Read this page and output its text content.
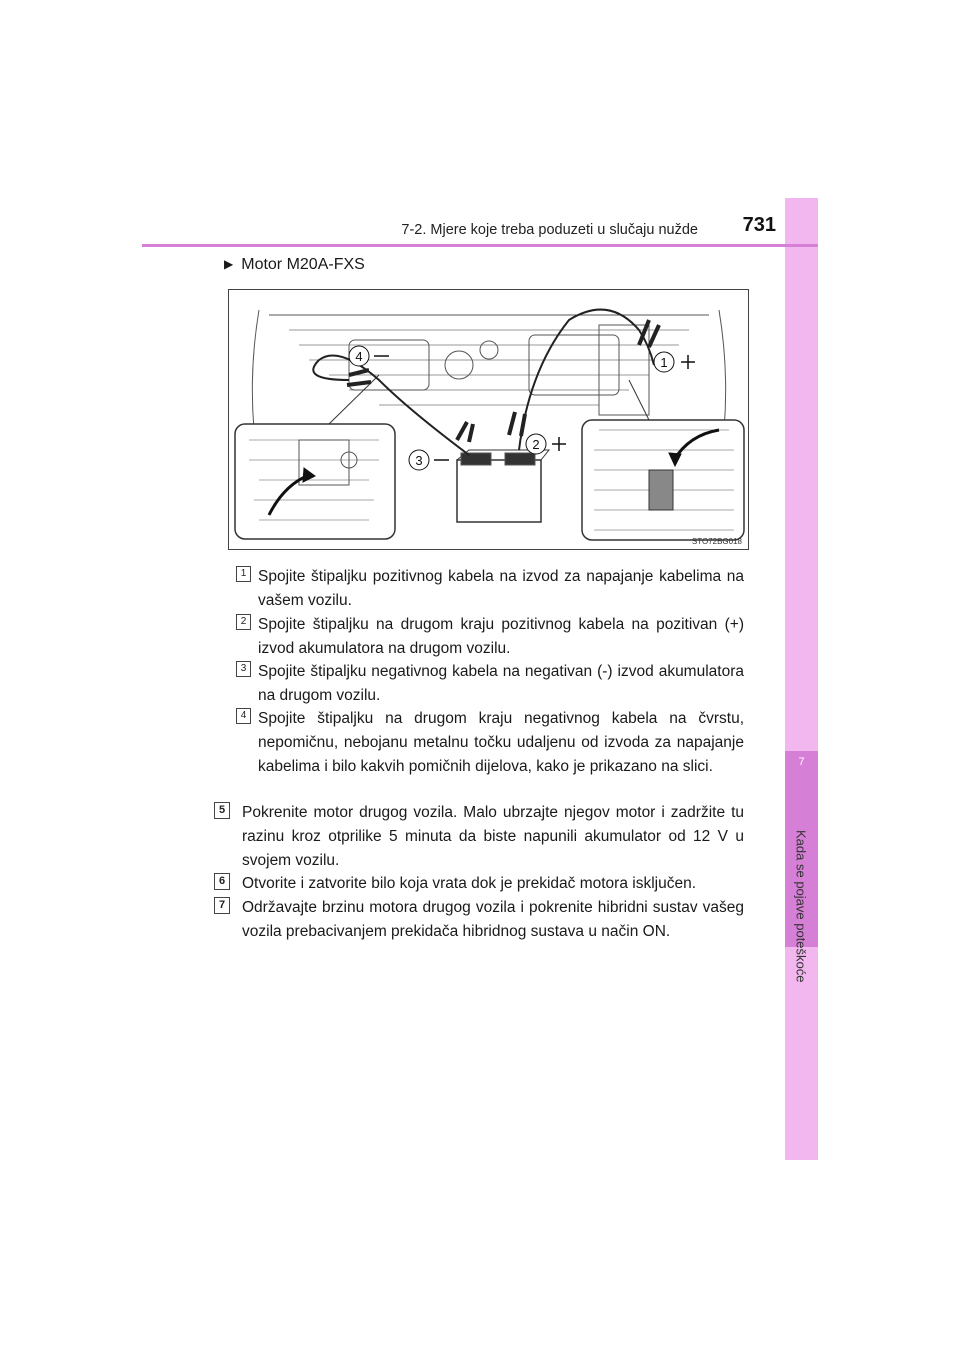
7
Kada se pojave poteškoće
7-2. Mjere koje treba poduzeti u slučaju nužde	731
▶ Motor M20A-FXS
4	1
2
3
STO72BG018
1 Spojite štipaljku pozitivnog kabela na izvod za napajanje kabelima na vašem vozilu.
2 Spojite štipaljku na drugom kraju pozitivnog kabela na pozitivan (+) izvod akumulatora na drugom vozilu.
3 Spojite štipaljku negativnog kabela na negativan (-) izvod akumulatora na drugom vozilu.
4 Spojite štipaljku na drugom kraju negativnog kabela na čvrstu, nepomičnu, nebojanu metalnu točku udaljenu od izvoda za napajanje kabelima i bilo kakvih pomičnih dijelova, kako je prikazano na slici.
5	Pokrenite motor drugog vozila. Malo ubrzajte njegov motor i zadržite tu razinu kroz otprilike 5 minuta da biste napunili akumulator od 12 V u svojem vozilu.
6	Otvorite i zatvorite bilo koja vrata dok je prekidač motora isključen.
7	Održavajte brzinu motora drugog vozila i pokrenite hibridni sustav vašeg vozila prebacivanjem prekidača hibridnog sustava u način ON.
